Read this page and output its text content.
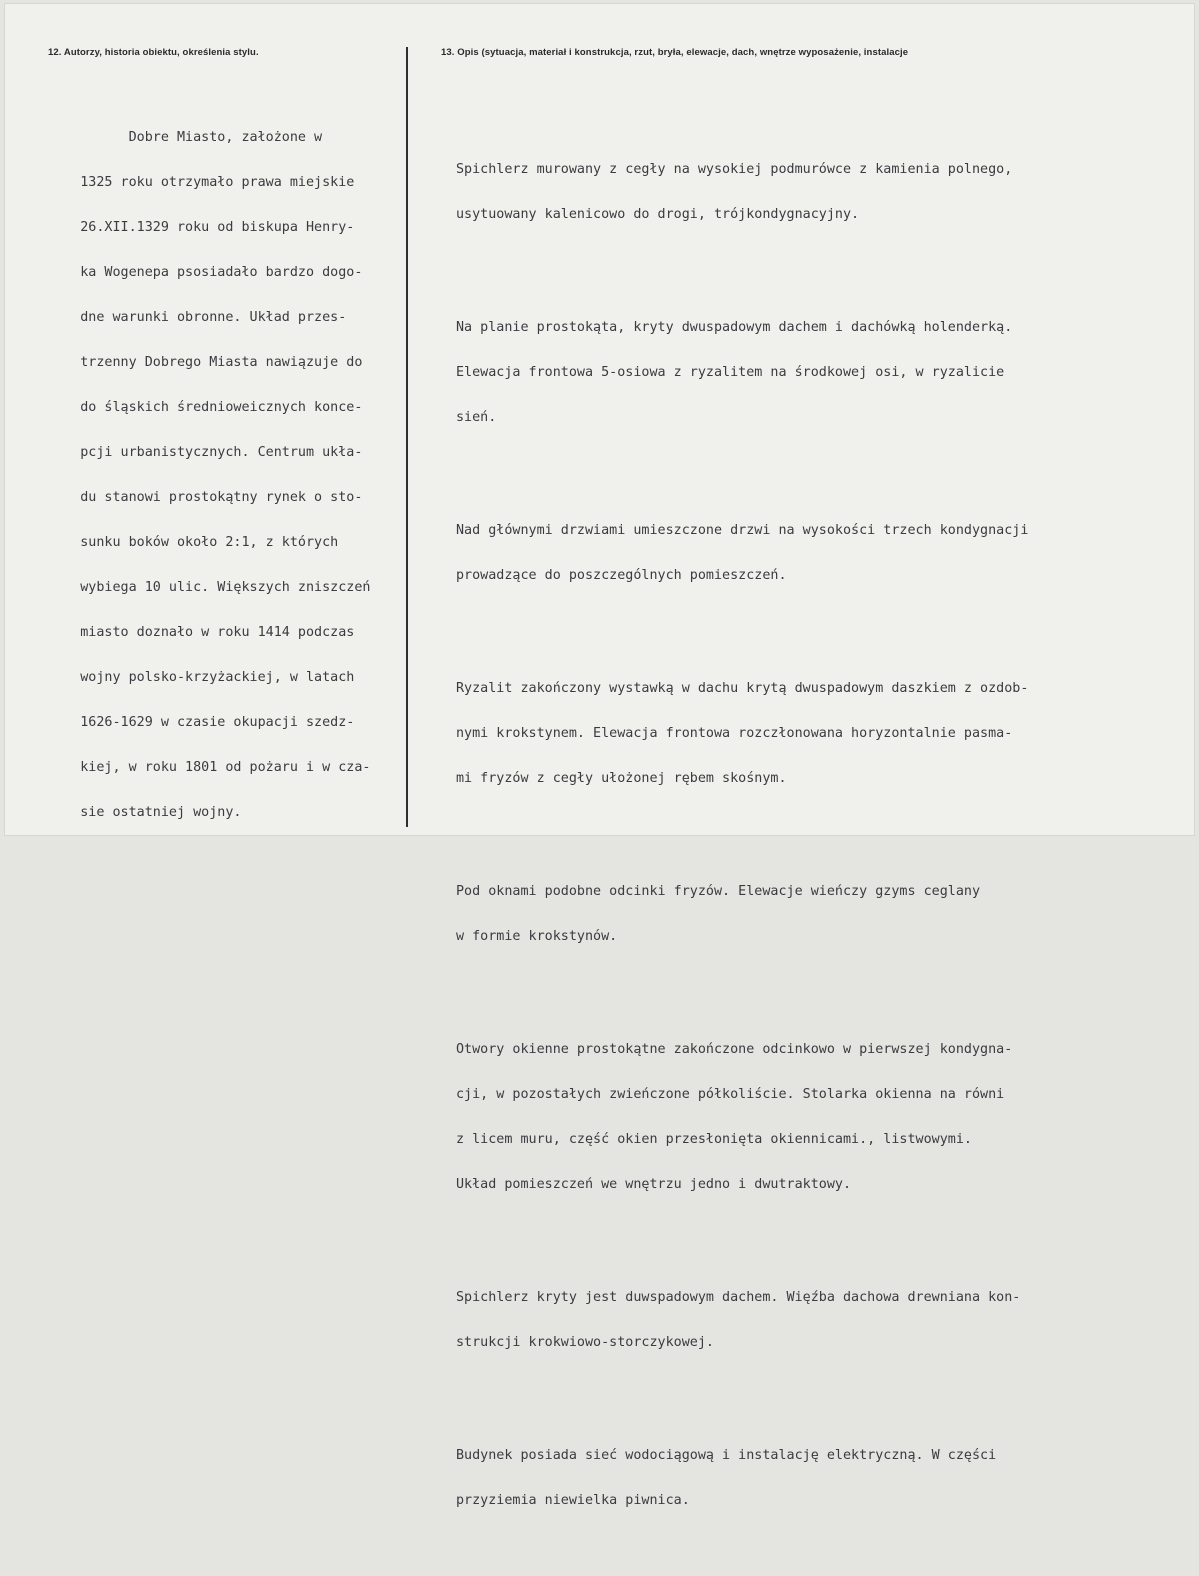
12. Autorzy, historia obiektu, określenia stylu.	13. Opis (sytuacja, materiał i konstrukcja, rzut, bryła, elewacje, dach, wnętrze wyposażenie, instalacje

Dobre Miasto, założone w

1325 roku otrzymało prawa miejskie

26.XII.1329 roku od biskupa Henry-

ka Wogenepa psosiadało bardzo dogo-

dne warunki obronne. Układ przes-

trzenny Dobrego Miasta nawiązuje do

do śląskich średnioweicznych konce-

pcji urbanistycznych. Centrum ukła-

du stanowi prostokątny rynek o sto-

sunku boków około 2:1, z których

wybiega 10 ulic. Większych zniszczeń

miasto doznało w roku 1414 podczas

wojny polsko-krzyżackiej, w latach

1626-1629 w czasie okupacji szedz-

kiej, w roku 1801 od pożaru i w cza-

sie ostatniej wojny.

Spichlerz murowany z cegły na wysokiej podmurówce z kamienia polnego,

usytuowany kalenicowo do drogi, trójkondygnacyjny.

Na planie prostokąta, kryty dwuspadowym dachem i dachówką holenderką.

Elewacja frontowa 5-osiowa z ryzalitem na środkowej osi, w ryzalicie

sień.

Nad głównymi drzwiami umieszczone drzwi na wysokości trzech kondygnacji

prowadzące do poszczególnych pomieszczeń.

Ryzalit zakończony wystawką w dachu krytą dwuspadowym daszkiem z ozdob-

nymi krokstynem. Elewacja frontowa rozczłonowana horyzontalnie pasma-

mi fryzów z cegły ułożonej rębem skośnym.

Pod oknami podobne odcinki fryzów. Elewacje wieńczy gzyms ceglany

w formie krokstynów.

Otwory okienne prostokątne zakończone odcinkowo w pierwszej kondygna-

cji, w pozostałych zwieńczone półkoliście. Stolarka okienna na równi

z licem muru, część okien przesłonięta okiennicami., listwowymi.

Układ pomieszczeń we wnętrzu jedno i dwutraktowy.

Spichlerz kryty jest duwspadowym dachem. Więźba dachowa drewniana kon-

strukcji krokwiowo-storczykowej.

Budynek posiada sieć wodociągową i instalację elektryczną. W części

przyziemia niewielka piwnica.
